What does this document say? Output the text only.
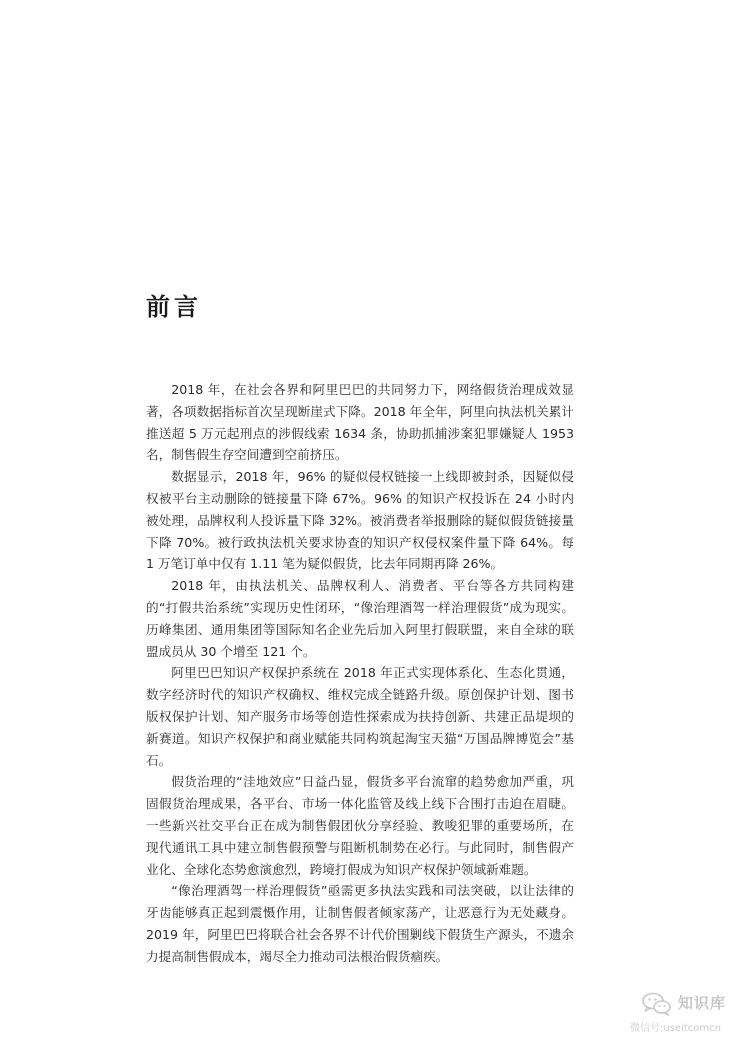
前言

2018 年，在社会各界和阿里巴巴的共同努力下，网络假货治理成效显著，各项数据指标首次呈现断崖式下降。2018 年全年，阿里向执法机关累计推送超 5 万元起刑点的涉假线索 1634 条，协助抓捕涉案犯罪嫌疑人 1953 名，制售假生存空间遭到空前挤压。

数据显示，2018 年，96% 的疑似侵权链接一上线即被封杀，因疑似侵权被平台主动删除的链接量下降 67%。96% 的知识产权投诉在 24 小时内被处理，品牌权利人投诉量下降 32%。被消费者举报删除的疑似假货链接量下降 70%。被行政执法机关要求协查的知识产权侵权案件量下降 64%。每 1 万笔订单中仅有 1.11 笔为疑似假货，比去年同期再降 26%。

2018 年，由执法机关、品牌权利人、消费者、平台等各方共同构建的“打假共治系统”实现历史性闭环，“像治理酒驾一样治理假货”成为现实。历峰集团、通用集团等国际知名企业先后加入阿里打假联盟，来自全球的联盟成员从 30 个增至 121 个。

阿里巴巴知识产权保护系统在 2018 年正式实现体系化、生态化贯通，数字经济时代的知识产权确权、维权完成全链路升级。原创保护计划、图书版权保护计划、知产服务市场等创造性探索成为扶持创新、共建正品堤坝的新赛道。知识产权保护和商业赋能共同构筑起淘宝天猫“万国品牌博览会”基石。

假货治理的“洼地效应”日益凸显，假货多平台流窜的趋势愈加严重，巩固假货治理成果，各平台、市场一体化监管及线上线下合围打击迫在眉睫。一些新兴社交平台正在成为制售假团伙分享经验、教唆犯罪的重要场所，在现代通讯工具中建立制售假预警与阻断机制势在必行。与此同时，制售假产业化、全球化态势愈演愈烈，跨境打假成为知识产权保护领域新难题。

“像治理酒驾一样治理假货”亟需更多执法实践和司法突破，以让法律的牙齿能够真正起到震慑作用，让制售假者倾家荡产，让恶意行为无处藏身。2019 年，阿里巴巴将联合社会各界不计代价围剿线下假货生产源头，不遗余力提高制售假成本，竭尽全力推动司法根治假货痼疾。

知识库
微信号:useitcomcn
